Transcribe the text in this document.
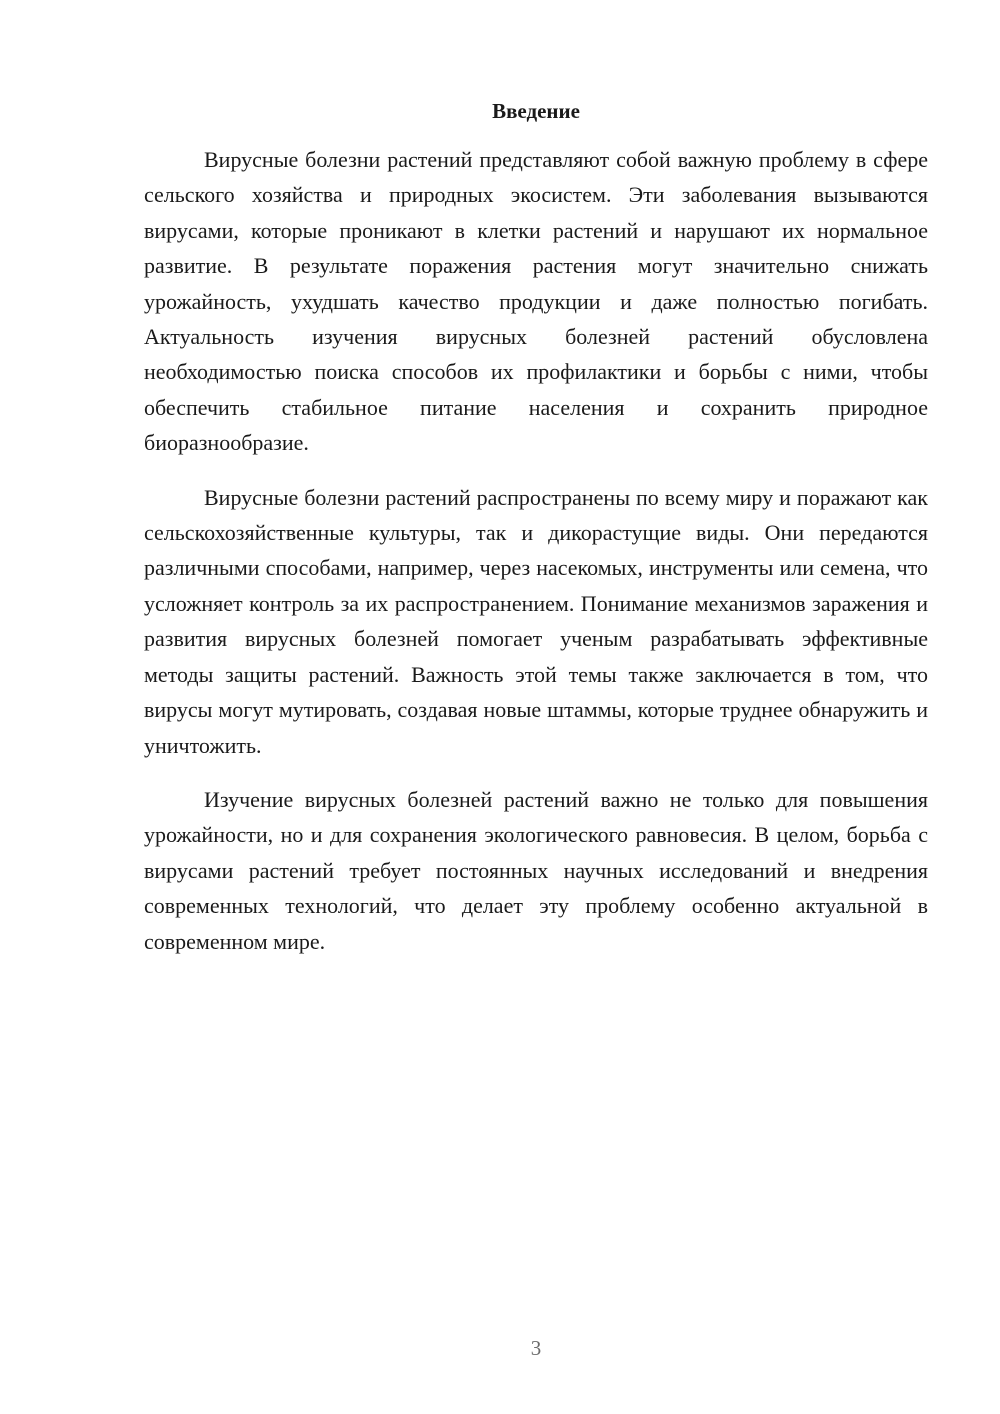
Введение

Вирусные болезни растений представляют собой важную проблему в сфере сельского хозяйства и природных экосистем. Эти заболевания вызываются вирусами, которые проникают в клетки растений и нарушают их нормальное развитие. В результате поражения растения могут значительно снижать урожайность, ухудшать качество продукции и даже полностью погибать. Актуальность изучения вирусных болезней растений обусловлена необходимостью поиска способов их профилактики и борьбы с ними, чтобы обеспечить стабильное питание населения и сохранить природное биоразнообразие.

Вирусные болезни растений распространены по всему миру и поражают как сельскохозяйственные культуры, так и дикорастущие виды. Они передаются различными способами, например, через насекомых, инструменты или семена, что усложняет контроль за их распространением. Понимание механизмов заражения и развития вирусных болезней помогает ученым разрабатывать эффективные методы защиты растений. Важность этой темы также заключается в том, что вирусы могут мутировать, создавая новые штаммы, которые труднее обнаружить и уничтожить.

Изучение вирусных болезней растений важно не только для повышения урожайности, но и для сохранения экологического равновесия. В целом, борьба с вирусами растений требует постоянных научных исследований и внедрения современных технологий, что делает эту проблему особенно актуальной в современном мире.

3
